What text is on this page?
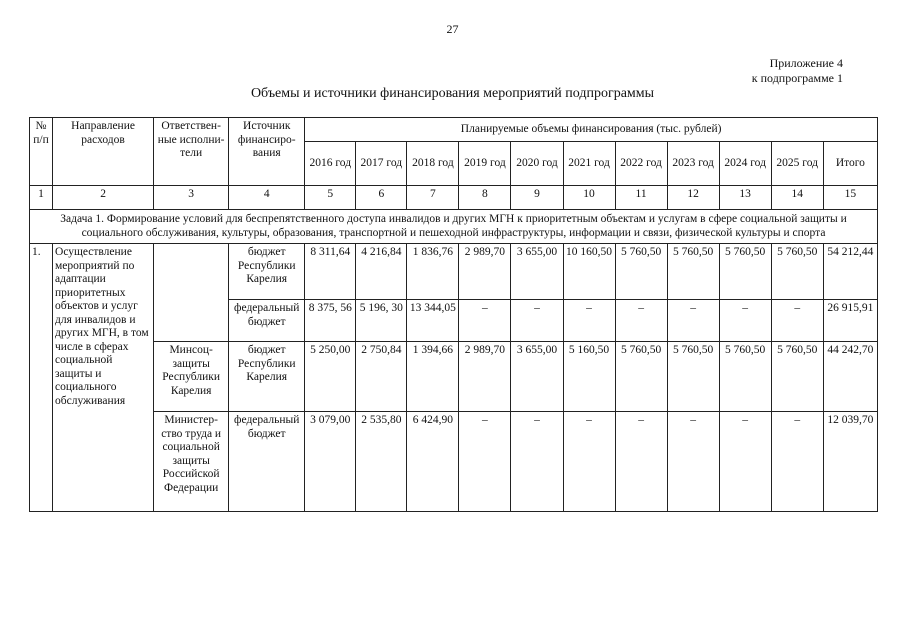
27
Приложение 4
к подпрограмме 1
Объемы и источники финансирования мероприятий подпрограммы
№ п/п	Направление расходов	Ответствен-ные исполни-тели	Источник финансиро-вания	Планируемые объемы финансирования (тыс. рублей)										
				2016 год	2017 год	2018 год	2019 год	2020 год	2021 год	2022 год	2023 год	2024 год	2025 год	Итого
1	2	3	4	5	6	7	8	9	10	11	12	13	14	15
Задача 1. Формирование условий для беспрепятственного доступа инвалидов и других МГН к приоритетным объектам и услугам в сфере социальной защиты и социального обслуживания, культуры, образования, транспортной и пешеходной инфраструктуры, информации и связи, физической культуры и спорта														
1.	Осуществление мероприятий по адаптации приоритетных объектов и услуг для инвалидов и других МГН, в том числе в сферах социальной защиты и социального обслуживания		бюджет Республики Карелия	8 311,64	4 216,84	1 836,76	2 989,70	3 655,00	10 160,50	5 760,50	5 760,50	5 760,50	5 760,50	54 212,44
			федеральный бюджет	8 375, 56	5 196, 30	13 344,05	–	–	–	–	–	–	–	26 915,91
		Минсоц-защиты Республики Карелия	бюджет Республики Карелия	5 250,00	2 750,84	1 394,66	2 989,70	3 655,00	5 160,50	5 760,50	5 760,50	5 760,50	5 760,50	44 242,70
		Министер-ство труда и социальной защиты Российской Федерации	федеральный бюджет	3 079,00	2 535,80	6 424,90	–	–	–	–	–	–	–	12 039,70
